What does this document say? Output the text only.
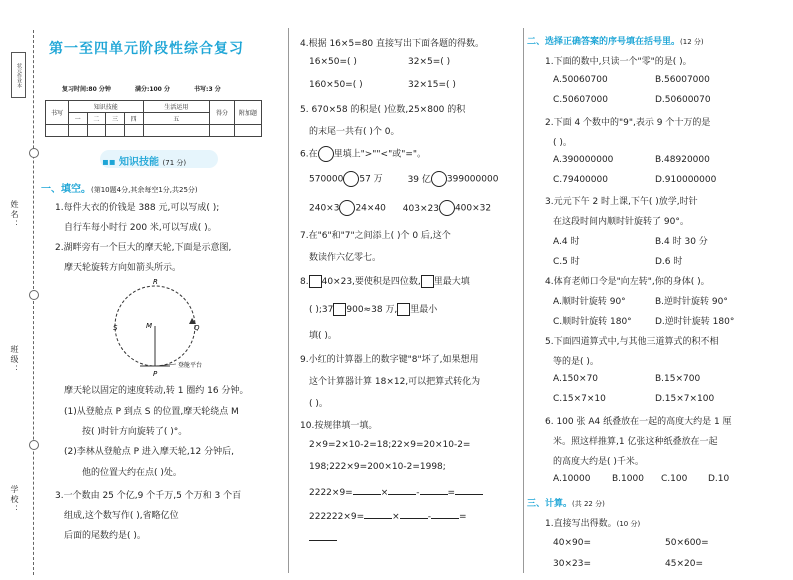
状元作业本
姓名：
班级：
学校：
第一至四单元阶段性综合复习
复习时间:80 分钟	满分:100 分	书写:3 分
书写	知识技能				生活运用	得分	附加题
	一	二	三	四	五		

▪▪ 知识技能 (71 分)
一、填空。(第10题4分,其余每空1分,共25分)
1.每件大衣的价钱是 388 元,可以写成( );
自行车每小时行 200 米,可以写成( )。
2.湖畔旁有一个巨大的摩天轮,下面是示意图,
摩天轮旋转方向如箭头所示。
R
S	M	Q
P
登舱平台
摩天轮以固定的速度转动,转 1 圈约 16 分钟。
(1)从登舱点 P 到点 S 的位置,摩天轮绕点 M
按( )时针方向旋转了( )°。
(2)李林从登舱点 P 进入摩天轮,12 分钟后,
他的位置大约在点( )处。
3.一个数由 25 个亿,9 个千万,5 个万和 3 个百
组成,这个数写作( ),省略亿位
后面的尾数约是( )。
4.根据 16×5=80 直接写出下面各题的得数。
16×50=( )	32×5=( )
160×50=( )	32×15=( )
5. 670×58 的积是( )位数,25×800 的积
的末尾一共有( )个 0。
6.在 里填上">""<"或"="。
570000 57 万	39 亿 399000000
240×3 24×40 403×23 400×32
7.在"6"和"7"之间添上( )个 0 后,这个
数读作六亿零七。
8. 40×23,要使积是四位数, 里最大填
( );37 900≈38 万, 里最小
填( )。
9.小红的计算器上的数字键"8"坏了,如果想用
这个计算器计算 18×12,可以把算式转化为
( )。
10.按规律填一填。
2×9=2×10-2=18;22×9=20×10-2=
198;222×9=200×10-2=1998;
2222×9=	×	-	=
222222×9=	×	-	=
二、选择正确答案的序号填在括号里。(12 分)
1.下面的数中,只读一个"零"的是( )。
A.50060700	B.56007000
C.50607000	D.50600070
2.下面 4 个数中的"9",表示 9 个十万的是
( )。
A.390000000	B.48920000
C.79400000	D.910000000
3.元元下午 2 时上课,下午( )放学,时针
在这段时间内顺时针旋转了 90°。
A.4 时	B.4 时 30 分
C.5 时	D.6 时
4.体育老师口令是"向左转",你的身体( )。
A.顺时针旋转 90°	B.逆时针旋转 90°
C.顺时针旋转 180°	D.逆时针旋转 180°
5.下面四道算式中,与其他三道算式的积不相
等的是( )。
A.150×70	B.15×700
C.15×7×10	D.15×7×100
6. 100 张 A4 纸叠放在一起的高度大约是 1 厘
米。照这样推算,1 亿张这种纸叠放在一起
的高度大约是( )千米。
A.10000 B.1000 C.100 D.10
三、计算。(共 22 分)
1.直接写出得数。(10 分)
40×90=	50×600=
30×23=	45×20=
